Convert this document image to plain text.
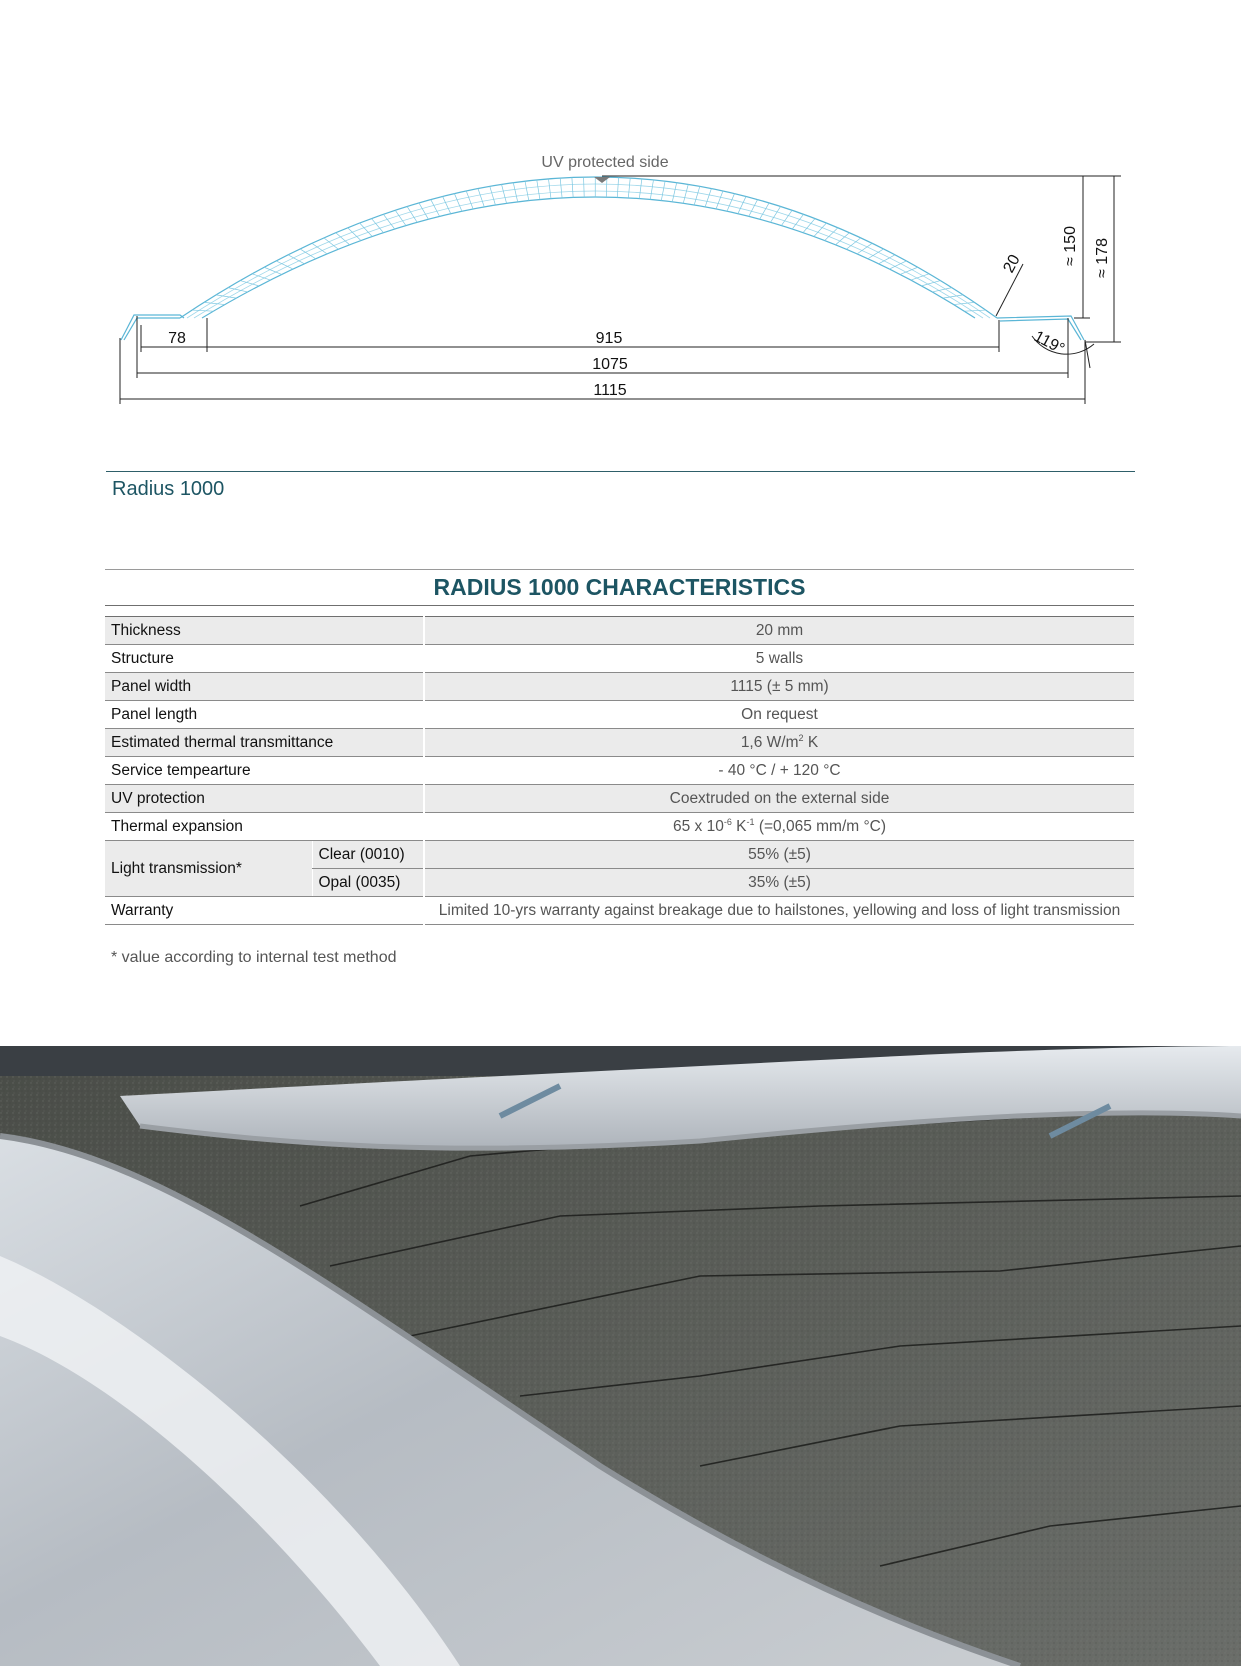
UV protected side
78	915
1075
1115
20 ≈ 150 ≈ 178
119°
Radius 1000
RADIUS 1000 CHARACTERISTICS		

Thickness		20 mm
Structure		5 walls
Panel width		1115 (± 5 mm)
Panel length		On request
Estimated thermal transmittance		1,6 $W/m^2$ K
Service tempearture		- 40 °C / + 120 °C
UV protection		Coextruded on the external side
Thermal expansion		65 x $10^{-6}$ $K^{-1}$ (=0,065 mm/m °C)
Light transmission*	Clear (0010)	55% (±5)
	Opal (0035)	35% (±5)
Warranty		Limited 10-yrs warranty against breakage due to hailstones, yellowing and loss of light transmission
* value according to internal test method
